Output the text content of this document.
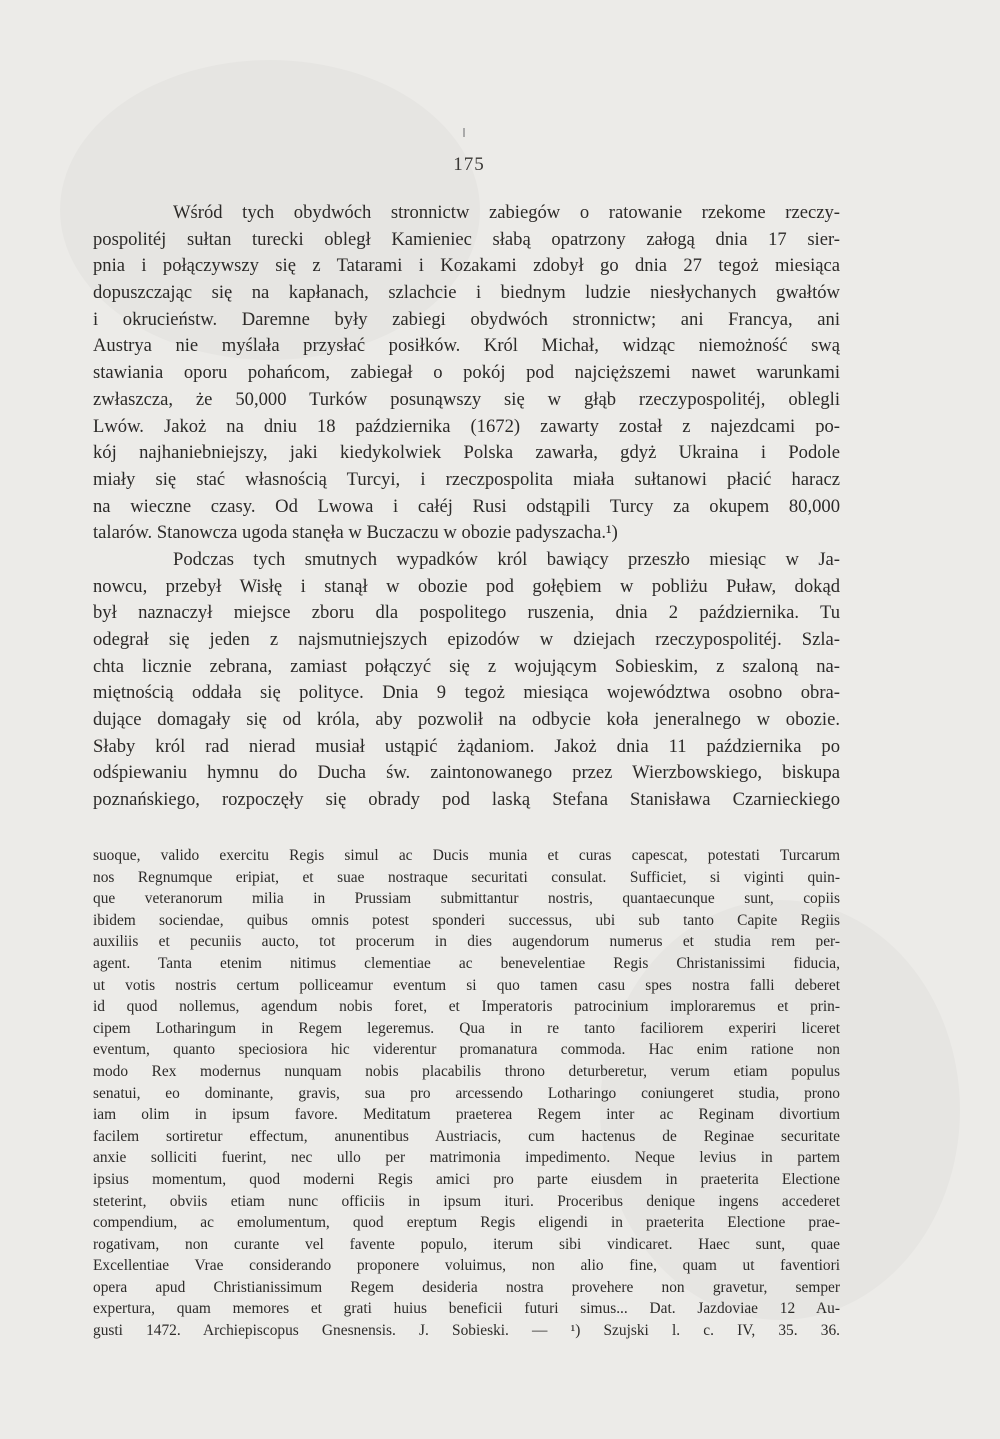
175
Wśród tych obydwóch stronnictw zabiegów o ratowanie rzekome rzeczy-
pospolitéj sułtan turecki obległ Kamieniec słabą opatrzony załogą dnia 17 sier-
pnia i połączywszy się z Tatarami i Kozakami zdobył go dnia 27 tegoż miesiąca
dopuszczając się na kapłanach, szlachcie i biednym ludzie niesłychanych gwałtów
i okrucieństw. Daremne były zabiegi obydwóch stronnictw; ani Francya, ani
Austrya nie myślała przysłać posiłków. Król Michał, widząc niemożność swą
stawiania oporu pohańcom, zabiegał o pokój pod najcięższemi nawet warunkami
zwłaszcza, że 50,000 Turków posunąwszy się w głąb rzeczypospolitéj, oblegli
Lwów. Jakoż na dniu 18 października (1672) zawarty został z najezdcami po-
kój najhaniebniejszy, jaki kiedykolwiek Polska zawarła, gdyż Ukraina i Podole
miały się stać własnością Turcyi, i rzeczpospolita miała sułtanowi płacić haracz
na wieczne czasy. Od Lwowa i całéj Rusi odstąpili Turcy za okupem 80,000
talarów. Stanowcza ugoda stanęła w Buczaczu w obozie padyszacha.¹)
Podczas tych smutnych wypadków król bawiący przeszło miesiąc w Ja-
nowcu, przebył Wisłę i stanął w obozie pod gołębiem w pobliżu Puław, dokąd
był naznaczył miejsce zboru dla pospolitego ruszenia, dnia 2 października. Tu
odegrał się jeden z najsmutniejszych epizodów w dziejach rzeczypospolitéj. Szla-
chta licznie zebrana, zamiast połączyć się z wojującym Sobieskim, z szaloną na-
miętnością oddała się polityce. Dnia 9 tegoż miesiąca województwa osobno obra-
dujące domagały się od króla, aby pozwolił na odbycie koła jeneralnego w obozie.
Słaby król rad nierad musiał ustąpić żądaniom. Jakoż dnia 11 października po
odśpiewaniu hymnu do Ducha św. zaintonowanego przez Wierzbowskiego, biskupa
poznańskiego, rozpoczęły się obrady pod laską Stefana Stanisława Czarnieckiego
suoque, valido exercitu Regis simul ac Ducis munia et curas capescat, potestati Turcarum
nos Regnumque eripiat, et suae nostraque securitati consulat. Sufficiet, si viginti quin-
que veteranorum milia in Prussiam submittantur nostris, quantaecunque sunt, copiis
ibidem sociendae, quibus omnis potest sponderi successus, ubi sub tanto Capite Regiis
auxiliis et pecuniis aucto, tot procerum in dies augendorum numerus et studia rem per-
agent. Tanta etenim nitimus clementiae ac benevelentiae Regis Christanissimi fiducia,
ut votis nostris certum polliceamur eventum si quo tamen casu spes nostra falli deberet
id quod nollemus, agendum nobis foret, et Imperatoris patrocinium imploraremus et prin-
cipem Lotharingum in Regem legeremus. Qua in re tanto faciliorem experiri liceret
eventum, quanto speciosiora hic viderentur promanatura commoda. Hac enim ratione non
modo Rex modernus nunquam nobis placabilis throno deturberetur, verum etiam populus
senatui, eo dominante, gravis, sua pro arcessendo Lotharingo coniungeret studia, prono
iam olim in ipsum favore. Meditatum praeterea Regem inter ac Reginam divortium
facilem sortiretur effectum, anunentibus Austriacis, cum hactenus de Reginae securitate
anxie solliciti fuerint, nec ullo per matrimonia impedimento. Neque levius in partem
ipsius momentum, quod moderni Regis amici pro parte eiusdem in praeterita Electione
steterint, obviis etiam nunc officiis in ipsum ituri. Proceribus denique ingens accederet
compendium, ac emolumentum, quod ereptum Regis eligendi in praeterita Electione prae-
rogativam, non curante vel favente populo, iterum sibi vindicaret. Haec sunt, quae
Excellentiae Vrae considerando proponere voluimus, non alio fine, quam ut faventiori
opera apud Christianissimum Regem desideria nostra provehere non gravetur, semper
expertura, quam memores et grati huius beneficii futuri simus... Dat. Jazdoviae 12 Au-
gusti 1472. Archiepiscopus Gnesnensis. J. Sobieski. — ¹) Szujski l. c. IV, 35. 36.
